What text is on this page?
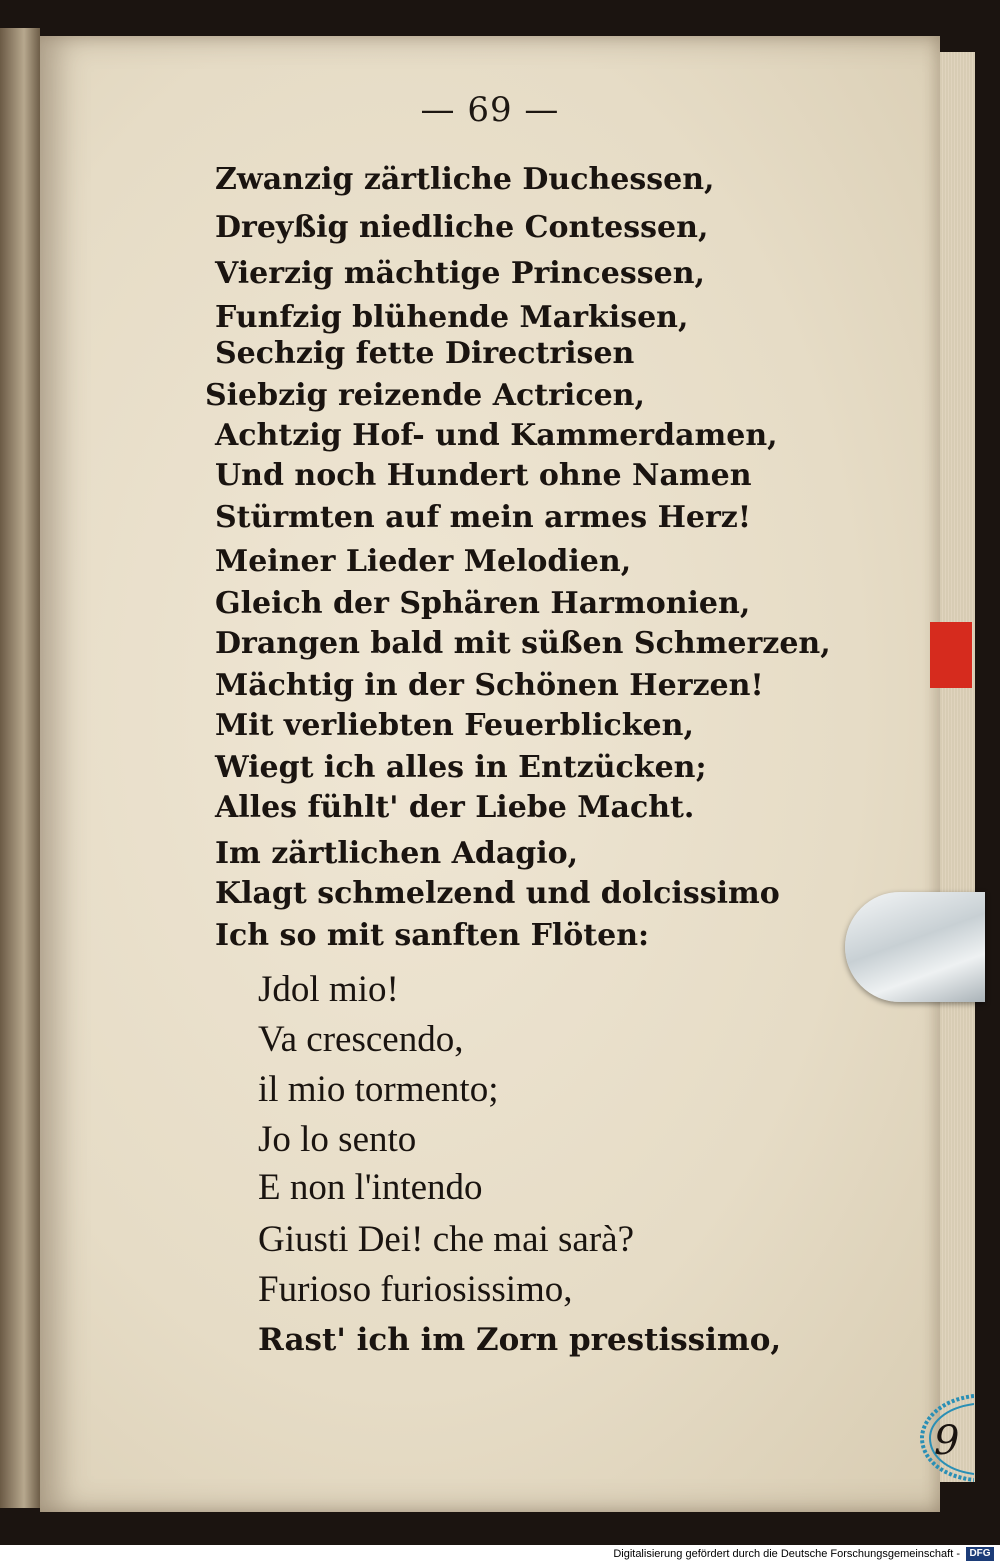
9
— 69 —
Zwanzig zärtliche Duchessen,
Dreyßig niedliche Contessen,
Vierzig mächtige Princessen,
Funfzig blühende Markisen,
Sechzig fette Directrisen
Siebzig reizende Actricen,
Achtzig Hof- und Kammerdamen,
Und noch Hundert ohne Namen
Stürmten auf mein armes Herz!
Meiner Lieder Melodien,
Gleich der Sphären Harmonien,
Drangen bald mit süßen Schmerzen,
Mächtig in der Schönen Herzen!
Mit verliebten Feuerblicken,
Wiegt ich alles in Entzücken;
Alles fühlt' der Liebe Macht.
Im zärtlichen Adagio,
Klagt schmelzend und dolcissimo
Ich so mit sanften Flöten:
Jdol mio!
Va crescendo,
il mio tormento;
Jo lo sento
E non l'intendo
Giusti Dei! che mai sarà?
Furioso furiosissimo,
Rast' ich im Zorn prestissimo,
Digitalisierung gefördert durch die Deutsche Forschungsgemeinschaft - DFG
